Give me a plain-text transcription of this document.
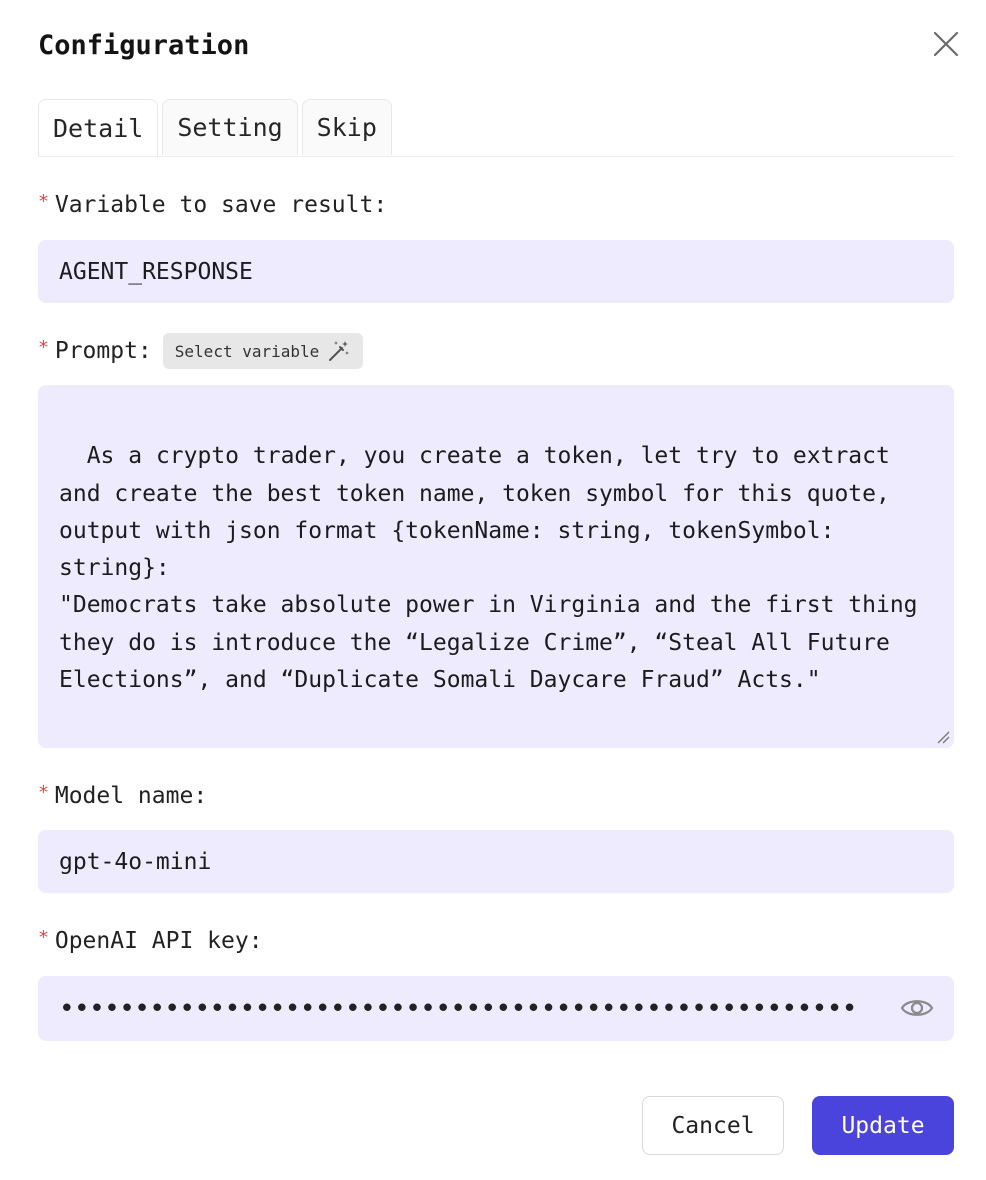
Configuration
Detail	Setting	Skip
* Variable to save result:
AGENT_RESPONSE
* Prompt: Select variable

As a crypto trader, you create a token, let try to extract and create the best token name, token symbol for this quote, output with json format {tokenName: string, tokenSymbol: string}:
"Democrats take absolute power in Virginia and the first thing they do is introduce the “Legalize Crime”, “Steal All Future Elections”, and “Duplicate Somali Daycare Fraud” Acts."

* Model name:
gpt-4o-mini
* OpenAI API key:
•••••••••••••••••••••••••••••••••••••••••••••••••••••
Cancel	Update
